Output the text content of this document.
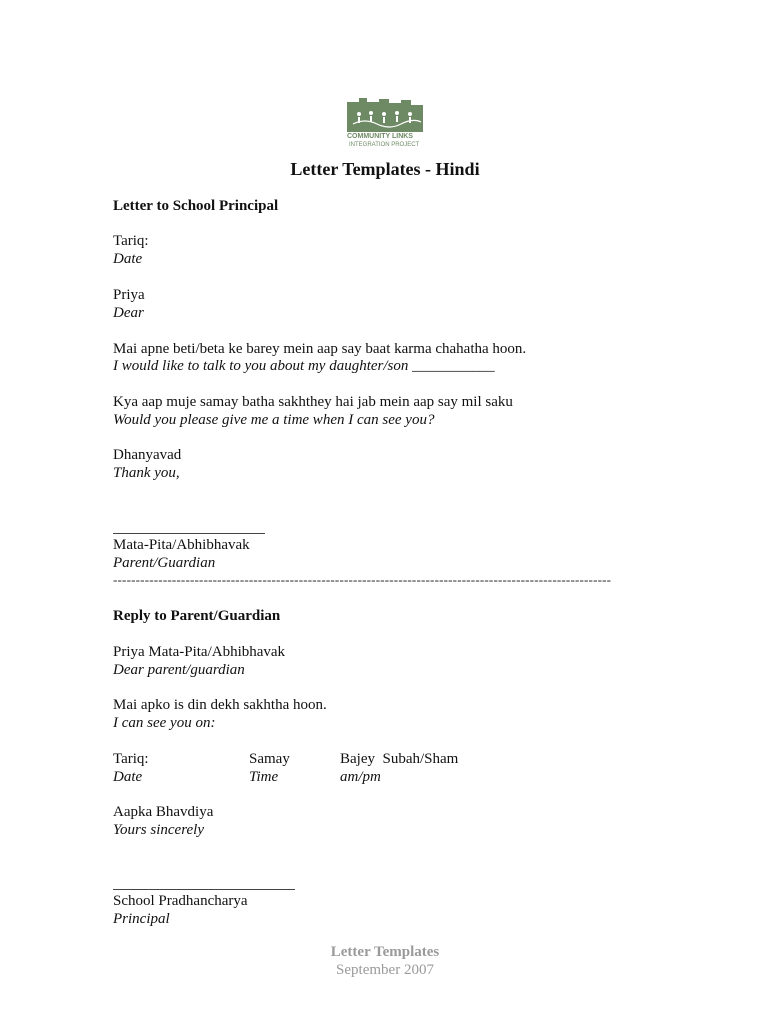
COMMUNITY LINKS
INTEGRATION PROJECT
Letter Templates - Hindi
Letter to School Principal
Tariq:
Date
Priya
Dear
Mai apne beti/beta ke barey mein aap say baat karma chahatha hoon.
I would like to talk to you about my daughter/son ___________
Kya aap muje samay batha sakhthey hai jab mein aap say mil saku
Would you please give me a time when I can see you?
Dhanyavad
Thank you,
Mata-Pita/Abhibhavak
Parent/Guardian
--------------------------------------------------------------------------------------------------------------
Reply to Parent/Guardian
Priya Mata-Pita/Abhibhavak
Dear parent/guardian
Mai apko is din dekh sakhtha hoon.
I can see you on:
Tariq:
Date
Samay
Time
Bajey  Subah/Sham
am/pm
Aapka Bhavdiya
Yours sincerely
School Pradhancharya
Principal
Letter Templates
September 2007
